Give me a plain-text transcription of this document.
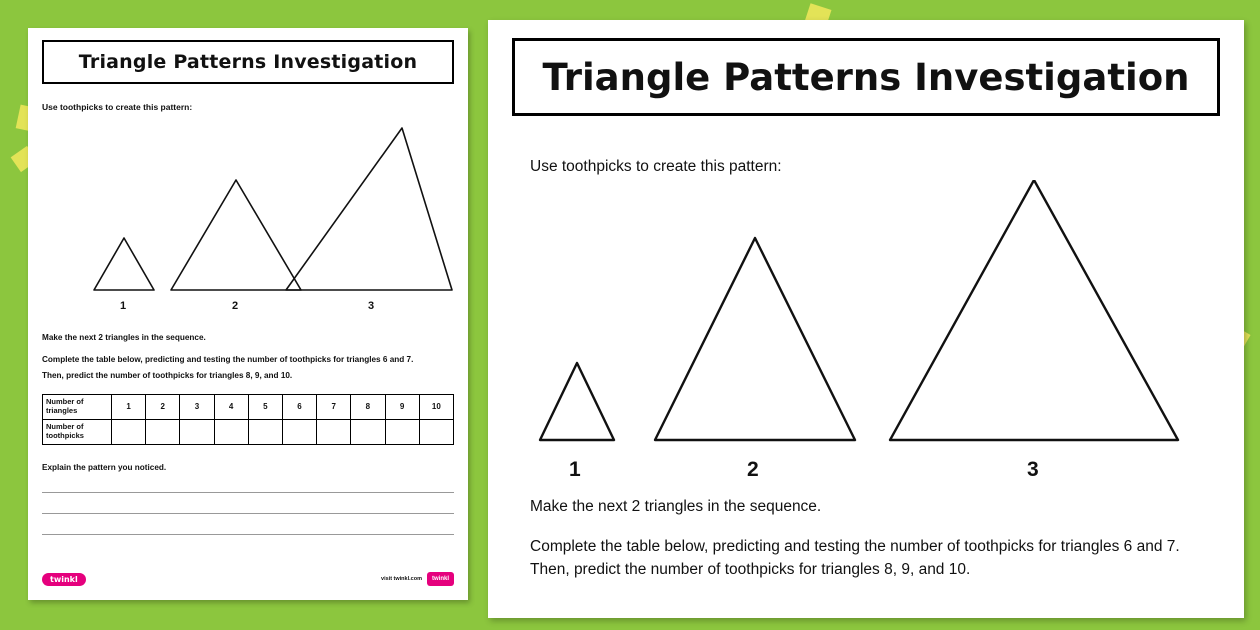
Triangle Patterns Investigation
Use toothpicks to create this pattern:
1	2	3
Make the next 2 triangles in the sequence.
Complete the table below, predicting and testing the number of toothpicks for triangles 6 and 7.
Then, predict the number of toothpicks for triangles 8, 9, and 10.
Number of triangles	1	2	3	4	5	6	7	8	9	10
Number of toothpicks										
Explain the pattern you noticed.
twinkl	visit twinkl.com	twinkl
Triangle Patterns Investigation
Use toothpicks to create this pattern:
1	2	3
Make the next 2 triangles in the sequence.
Complete the table below, predicting and testing the number of toothpicks for triangles 6 and 7.
Then, predict the number of toothpicks for triangles 8, 9, and 10.
